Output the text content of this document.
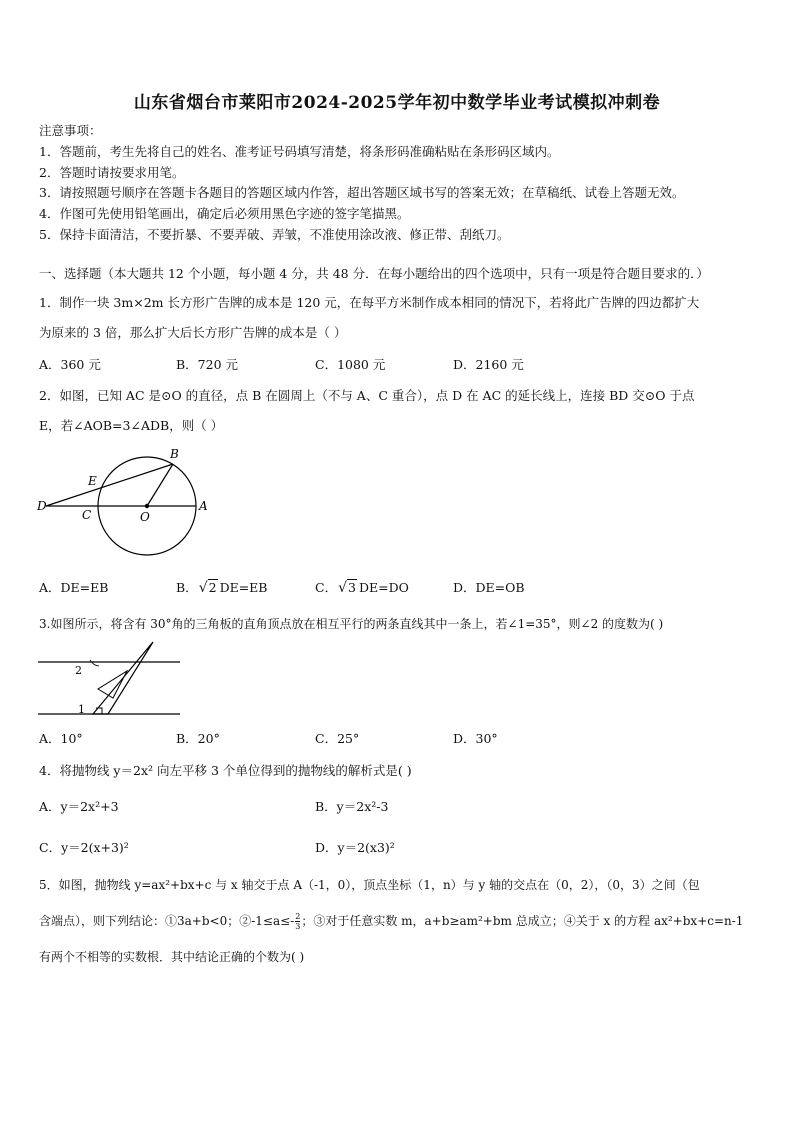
山东省烟台市莱阳市2024-2025学年初中数学毕业考试模拟冲刺卷
注意事项：
1．答题前，考生先将自己的姓名、准考证号码填写清楚，将条形码准确粘贴在条形码区域内。
2．答题时请按要求用笔。
3．请按照题号顺序在答题卡各题目的答题区域内作答，超出答题区域书写的答案无效；在草稿纸、试卷上答题无效。
4．作图可先使用铅笔画出，确定后必须用黑色字迹的签字笔描黑。
5．保持卡面清洁，不要折暴、不要弄破、弄皱，不准使用涂改液、修正带、刮纸刀。
一、选择题（本大题共 12 个小题，每小题 4 分，共 48 分．在每小题给出的四个选项中，只有一项是符合题目要求的．）
1．制作一块 3m×2m 长方形广告牌的成本是 120 元，在每平方米制作成本相同的情况下，若将此广告牌的四边都扩大
为原来的 3 倍，那么扩大后长方形广告牌的成本是（ ）
A．360 元	B．720 元	C．1080 元	D．2160 元
2．如图，已知 AC 是⊙O 的直径，点 B 在圆周上（不与 A、C 重合），点 D 在 AC 的延长线上，连接 BD 交⊙O 于点
E，若∠AOB=3∠ADB，则（ ）
B
E
D
C	O
A
A．DE=EB	B．√2 DE=EB	C．√3 DE=DO	D．DE=OB
3.如图所示，将含有 30°角的三角板的直角顶点放在相互平行的两条直线其中一条上，若∠1=35°，则∠2 的度数为( )
2
1
A．10°	B．20°	C．25°	D．30°
4．将抛物线 y＝2x² 向左平移 3 个单位得到的抛物线的解析式是( )
A．y＝2x²+3	B．y＝2x²-3
C．y＝2(x+3)²	D．y＝2(x3)²
5．如图，抛物线 y=ax²+bx+c 与 x 轴交于点 A（-1，0），顶点坐标（1，n）与 y 轴的交点在（0，2），（0，3）之间（包
含端点），则下列结论：①3a+b<0；②-1≤a≤- $\frac{2}{3}$ ；③对于任意实数 m，a+b≥am²+bm 总成立；④关于 x 的方程 ax²+bx+c=n-1
有两个不相等的实数根．其中结论正确的个数为( )
